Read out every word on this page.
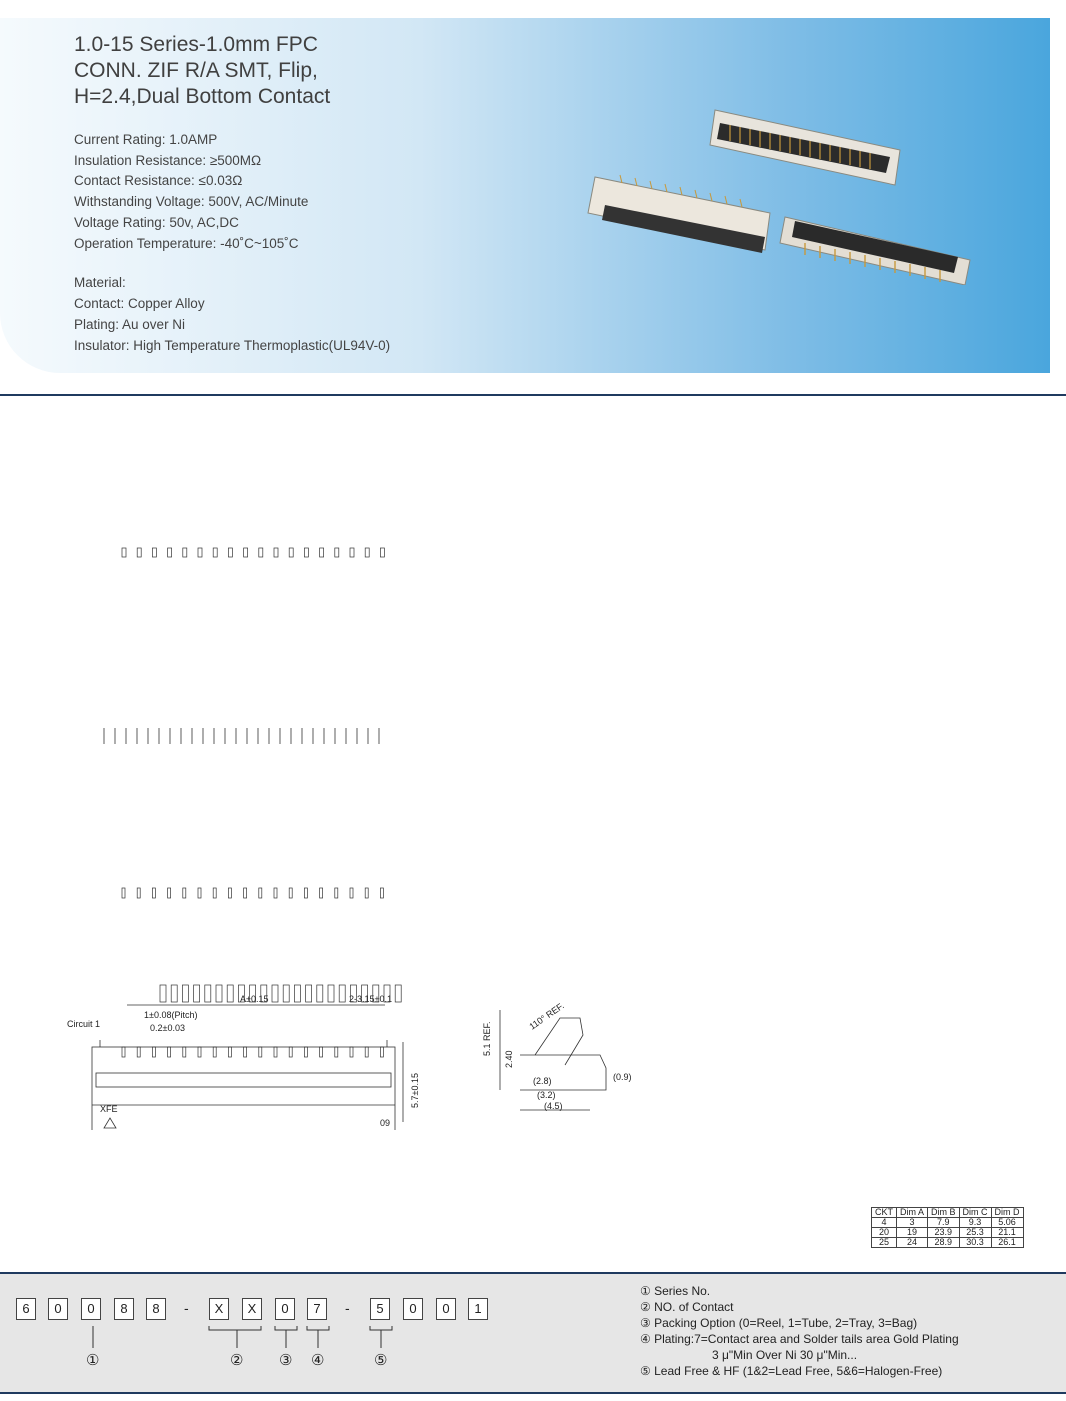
1.0-15 Series-1.0mm FPC
CONN. ZIF R/A SMT, Flip,
H=2.4,Dual Bottom Contact
Current Rating: 1.0AMP
Insulation Resistance: ≥500MΩ
Contact Resistance: ≤0.03Ω
Withstanding Voltage: 500V, AC/Minute
Voltage Rating: 50v, AC,DC
Operation Temperature: -40˚C~105˚C
Material:
Contact: Copper Alloy
Plating: Au over Ni
Insulator: High Temperature Thermoplastic(UL94V-0)
A±0.15	2-3.15±0.1
Circuit 1
1±0.08(Pitch)
0.2±0.03
5.7±0.15
XFE
09
5.1 REF.
110° REF.
2.40
(2.8)
(3.2)
(4.5)
(0.9)
CKT	Dim A	Dim B	Dim C	Dim D
4	3	7.9	9.3	5.06
20	19	23.9	25.3	21.1
25	24	28.9	30.3	26.1
6	0	0	8	8	-	X	X	0	7	-	5	0	0	1
①	② ③ ④	⑤
① Series No.
② NO. of Contact
③ Packing Option (0=Reel, 1=Tube, 2=Tray, 3=Bag)
④ Plating:7=Contact area and Solder tails area Gold Plating
3 μ"Min Over Ni 30 μ"Min...
⑤ Lead Free & HF (1&2=Lead Free, 5&6=Halogen-Free)
